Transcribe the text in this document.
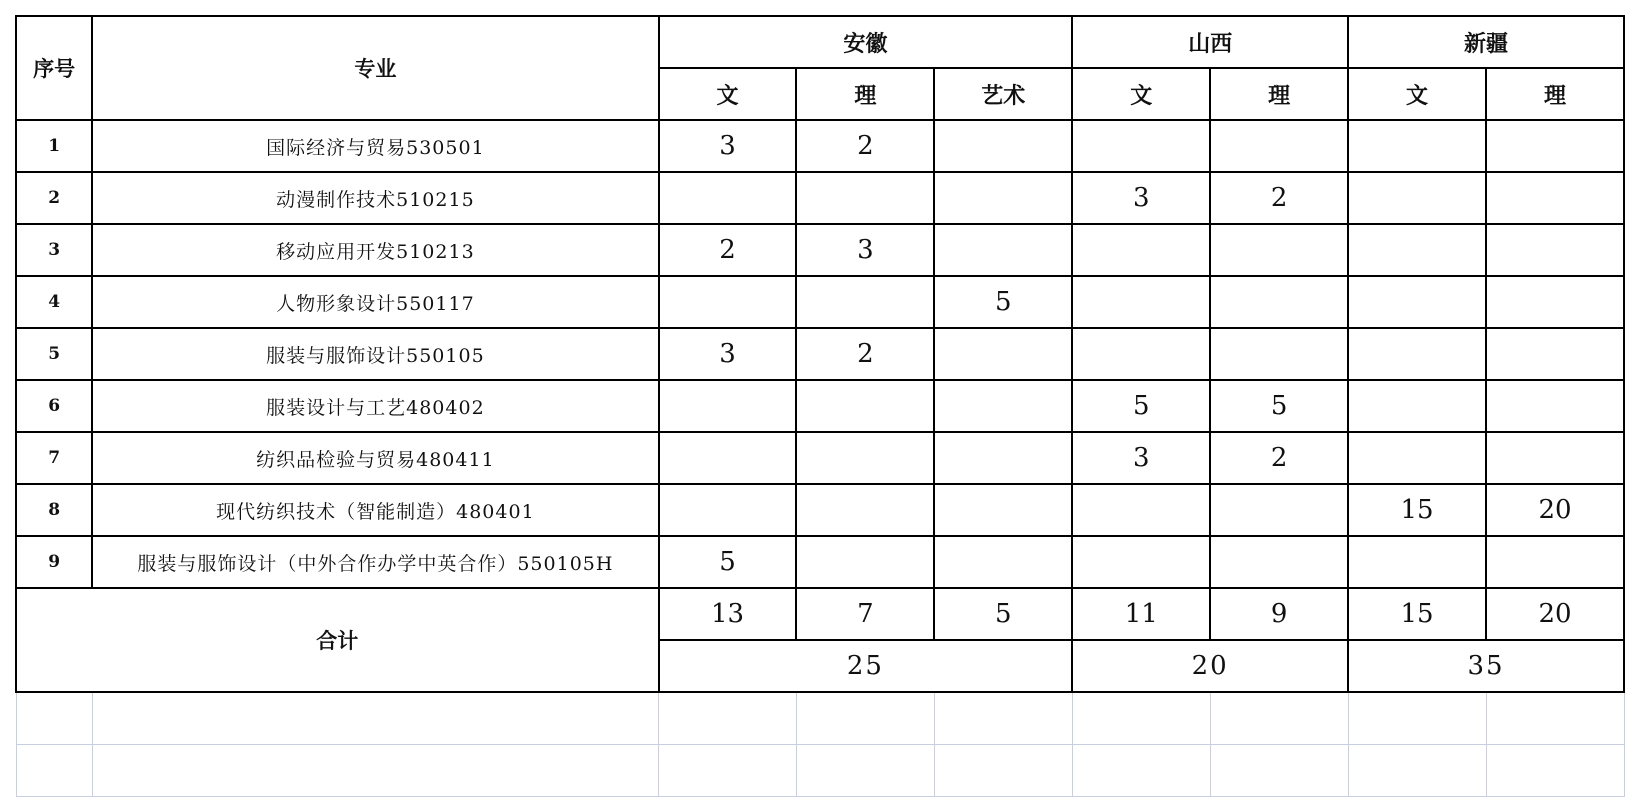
序号	专业	安徽			山西		新疆	
		文	理	艺术	文	理	文	理
1	国际经济与贸易530501	3	2					
2	动漫制作技术510215				3	2		
3	移动应用开发510213	2	3					
4	人物形象设计550117			5				
5	服装与服饰设计550105	3	2					
6	服装设计与工艺480402				5	5		
7	纺织品检验与贸易480411				3	2		
8	现代纺织技术（智能制造）480401						15	20
9	服装与服饰设计（中外合作办学中英合作）550105H	5						
合计		13	7	5	11	9	15	20
		25			20		35	
